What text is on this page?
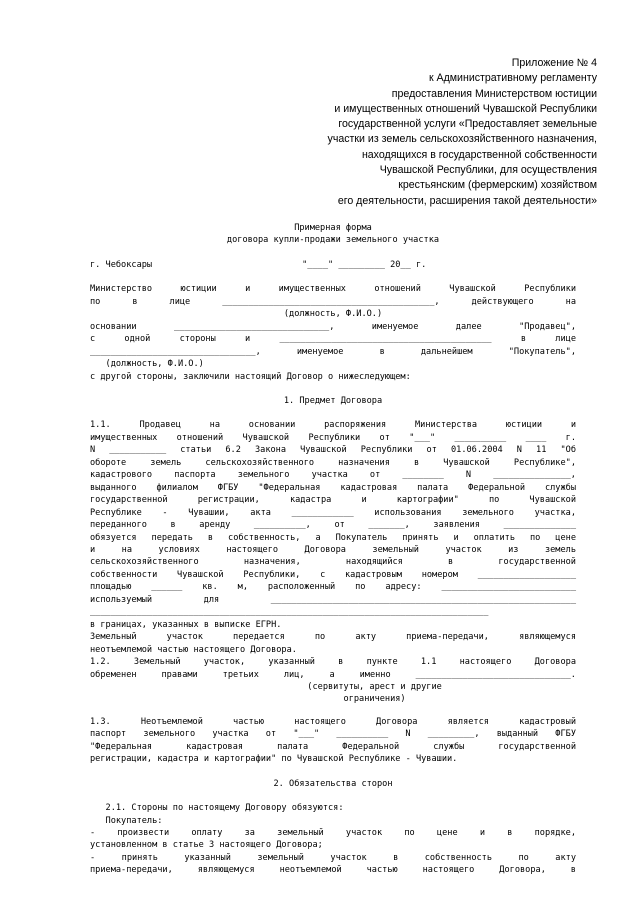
Приложение № 4
к Административному регламенту
предоставления Министерством юстиции
и имущественных отношений Чувашской Республики
государственной услуги «Предоставляет земельные
участки из земель сельскохозяйственного назначения,
находящихся в государственной собственности
Чувашской Республики, для осуществления
крестьянским (фермерским) хозяйством
его деятельности, расширения такой деятельности»
Примерная форма
договора купли-продажи земельного участка
г. Чебоксары                             "____" _________ 20__ г.
Министерство юстиции и имущественных отношений Чувашской Республики
по в лице _________________________________________, действующего на
(должность, Ф.И.О.)
основании ______________________________, именуемое далее "Продавец",
с одной стороны и _________________________________________ в лице
________________________________, именуемое в дальнейшем "Покупатель",
(должность, Ф.И.О.)
с другой стороны, заключили настоящий Договор о нижеследующем:
1. Предмет Договора
1.1. Продавец на основании распоряжения Министерства юстиции и
имущественных отношений Чувашской Республики от "___" __________ ____ г.
N ___________ статьи 6.2 Закона Чувашской Республики от 01.06.2004 N 11 "Об
обороте земель сельскохозяйственного назначения в Чувашской Республике",
кадастрового паспорта земельного участка от ________ N _______________,
выданного филиалом ФГБУ "Федеральная кадастровая палата Федеральной службы
государственной регистрации, кадастра и картографии" по Чувашской
Республике - Чувашии, акта ____________ использования земельного участка,
переданного в аренду __________, от _______, заявления ______________
обязуется передать в собственность, а Покупатель принять и оплатить по цене
и на условиях настоящего Договора земельный участок из земель
сельскохозяйственного назначения, находящийся в государственной
собственности Чувашской Республики, с кадастровым номером ___________________
площадью ______ кв. м, расположенный по адресу: __________________________
используемый для ___________________________________________________________
_____________________________________________________________________________
в границах, указанных в выписке ЕГРН.
Земельный участок передается по акту приема-передачи, являющемуся
неотъемлемой частью настоящего Договора.
1.2. Земельный участок, указанный в пункте 1.1 настоящего Договора
обременен правами третьих лиц, а именно ______________________________.
(сервитуты, арест и другие
ограничения)
1.3. Неотъемлемой частью настоящего Договора является кадастровый
паспорт земельного участка от "___" __________ N _________, выданный ФГБУ
"Федеральная кадастровая палата Федеральной службы государственной
регистрации, кадастра и картографии" по Чувашской Республике - Чувашии.
2. Обязательства сторон
2.1. Стороны по настоящему Договору обязуются:
Покупатель:
- произвести оплату за земельный участок по цене и в порядке,
установленном в статье 3 настоящего Договора;
- принять указанный земельный участок в собственность по акту
приема-передачи, являющемуся неотъемлемой частью настоящего Договора, в
